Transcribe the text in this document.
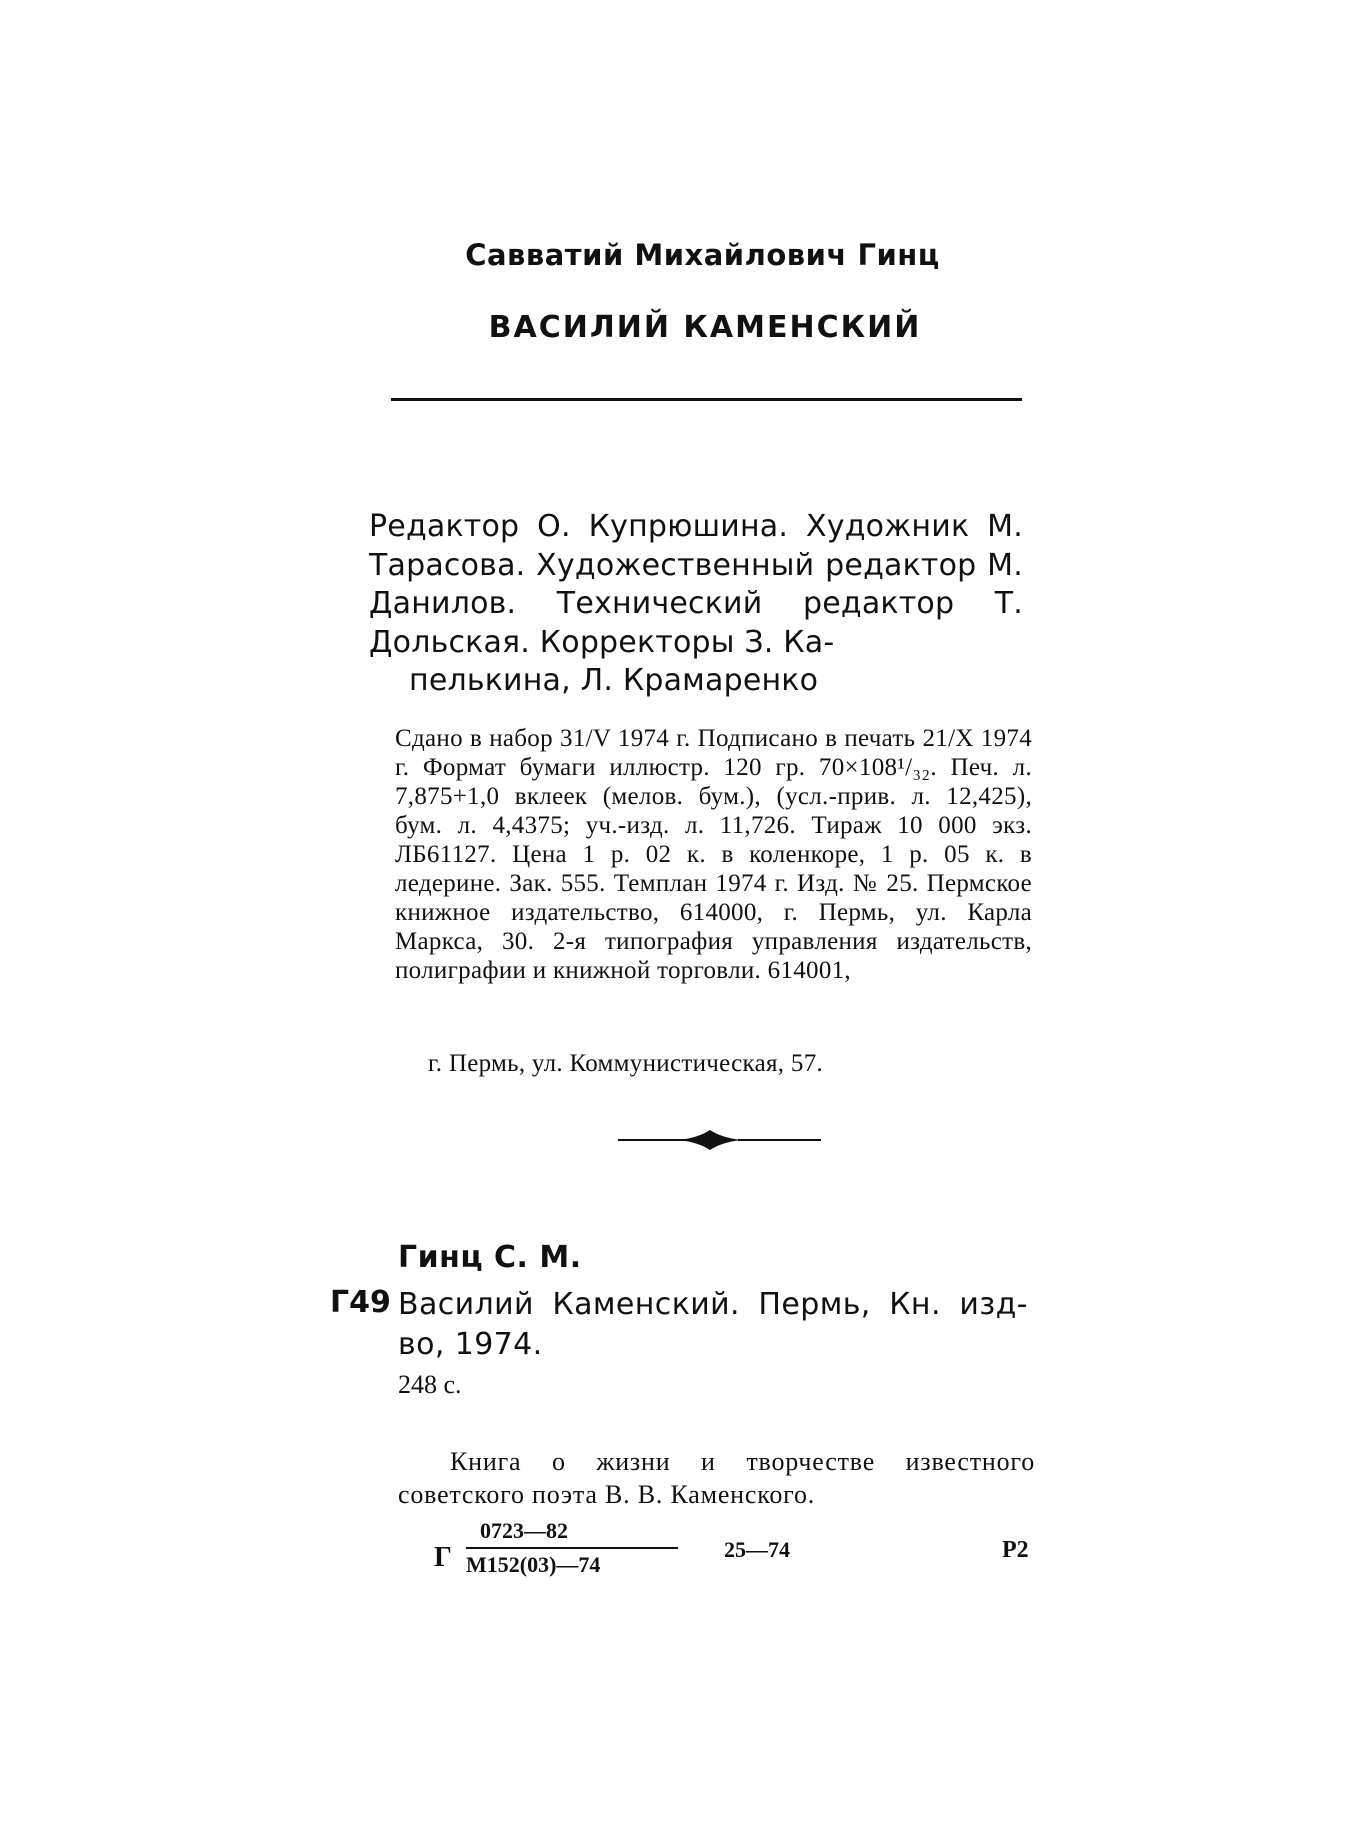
Савватий Михайлович Гинц
ВАСИЛИЙ КАМЕНСКИЙ
Редактор О. Купрюшина. Художник М. Тарасова. Художественный редактор М. Данилов. Технический редактор Т. Дольская. Корректоры З. Ка-
пелькина, Л. Крамаренко
Сдано в набор 31/V 1974 г. Подписано в печать 21/X 1974 г. Формат бумаги иллюстр. 120 гр. 70×108¹/₃₂. Печ. л. 7,875+1,0 вклеек (мелов. бум.), (усл.-прив. л. 12,425), бум. л. 4,4375; уч.-изд. л. 11,726. Тираж 10 000 экз. ЛБ61127. Цена 1 р. 02 к. в коленкоре, 1 р. 05 к. в ледерине. Зак. 555. Темплан 1974 г. Изд. № 25. Пермское книжное издательство, 614000, г. Пермь, ул. Карла Маркса, 30. 2-я типография управления издательств, полиграфии и книжной торговли. 614001,
г. Пермь, ул. Коммунистическая, 57.
Гинц С. М.
Г49 Василий Каменский. Пермь, Кн. изд-во, 1974.
248 с.
Книга о жизни и творчестве известного советского поэта В. В. Каменского.
Г
0723—82
М152(03)—74
25—74	Р2
